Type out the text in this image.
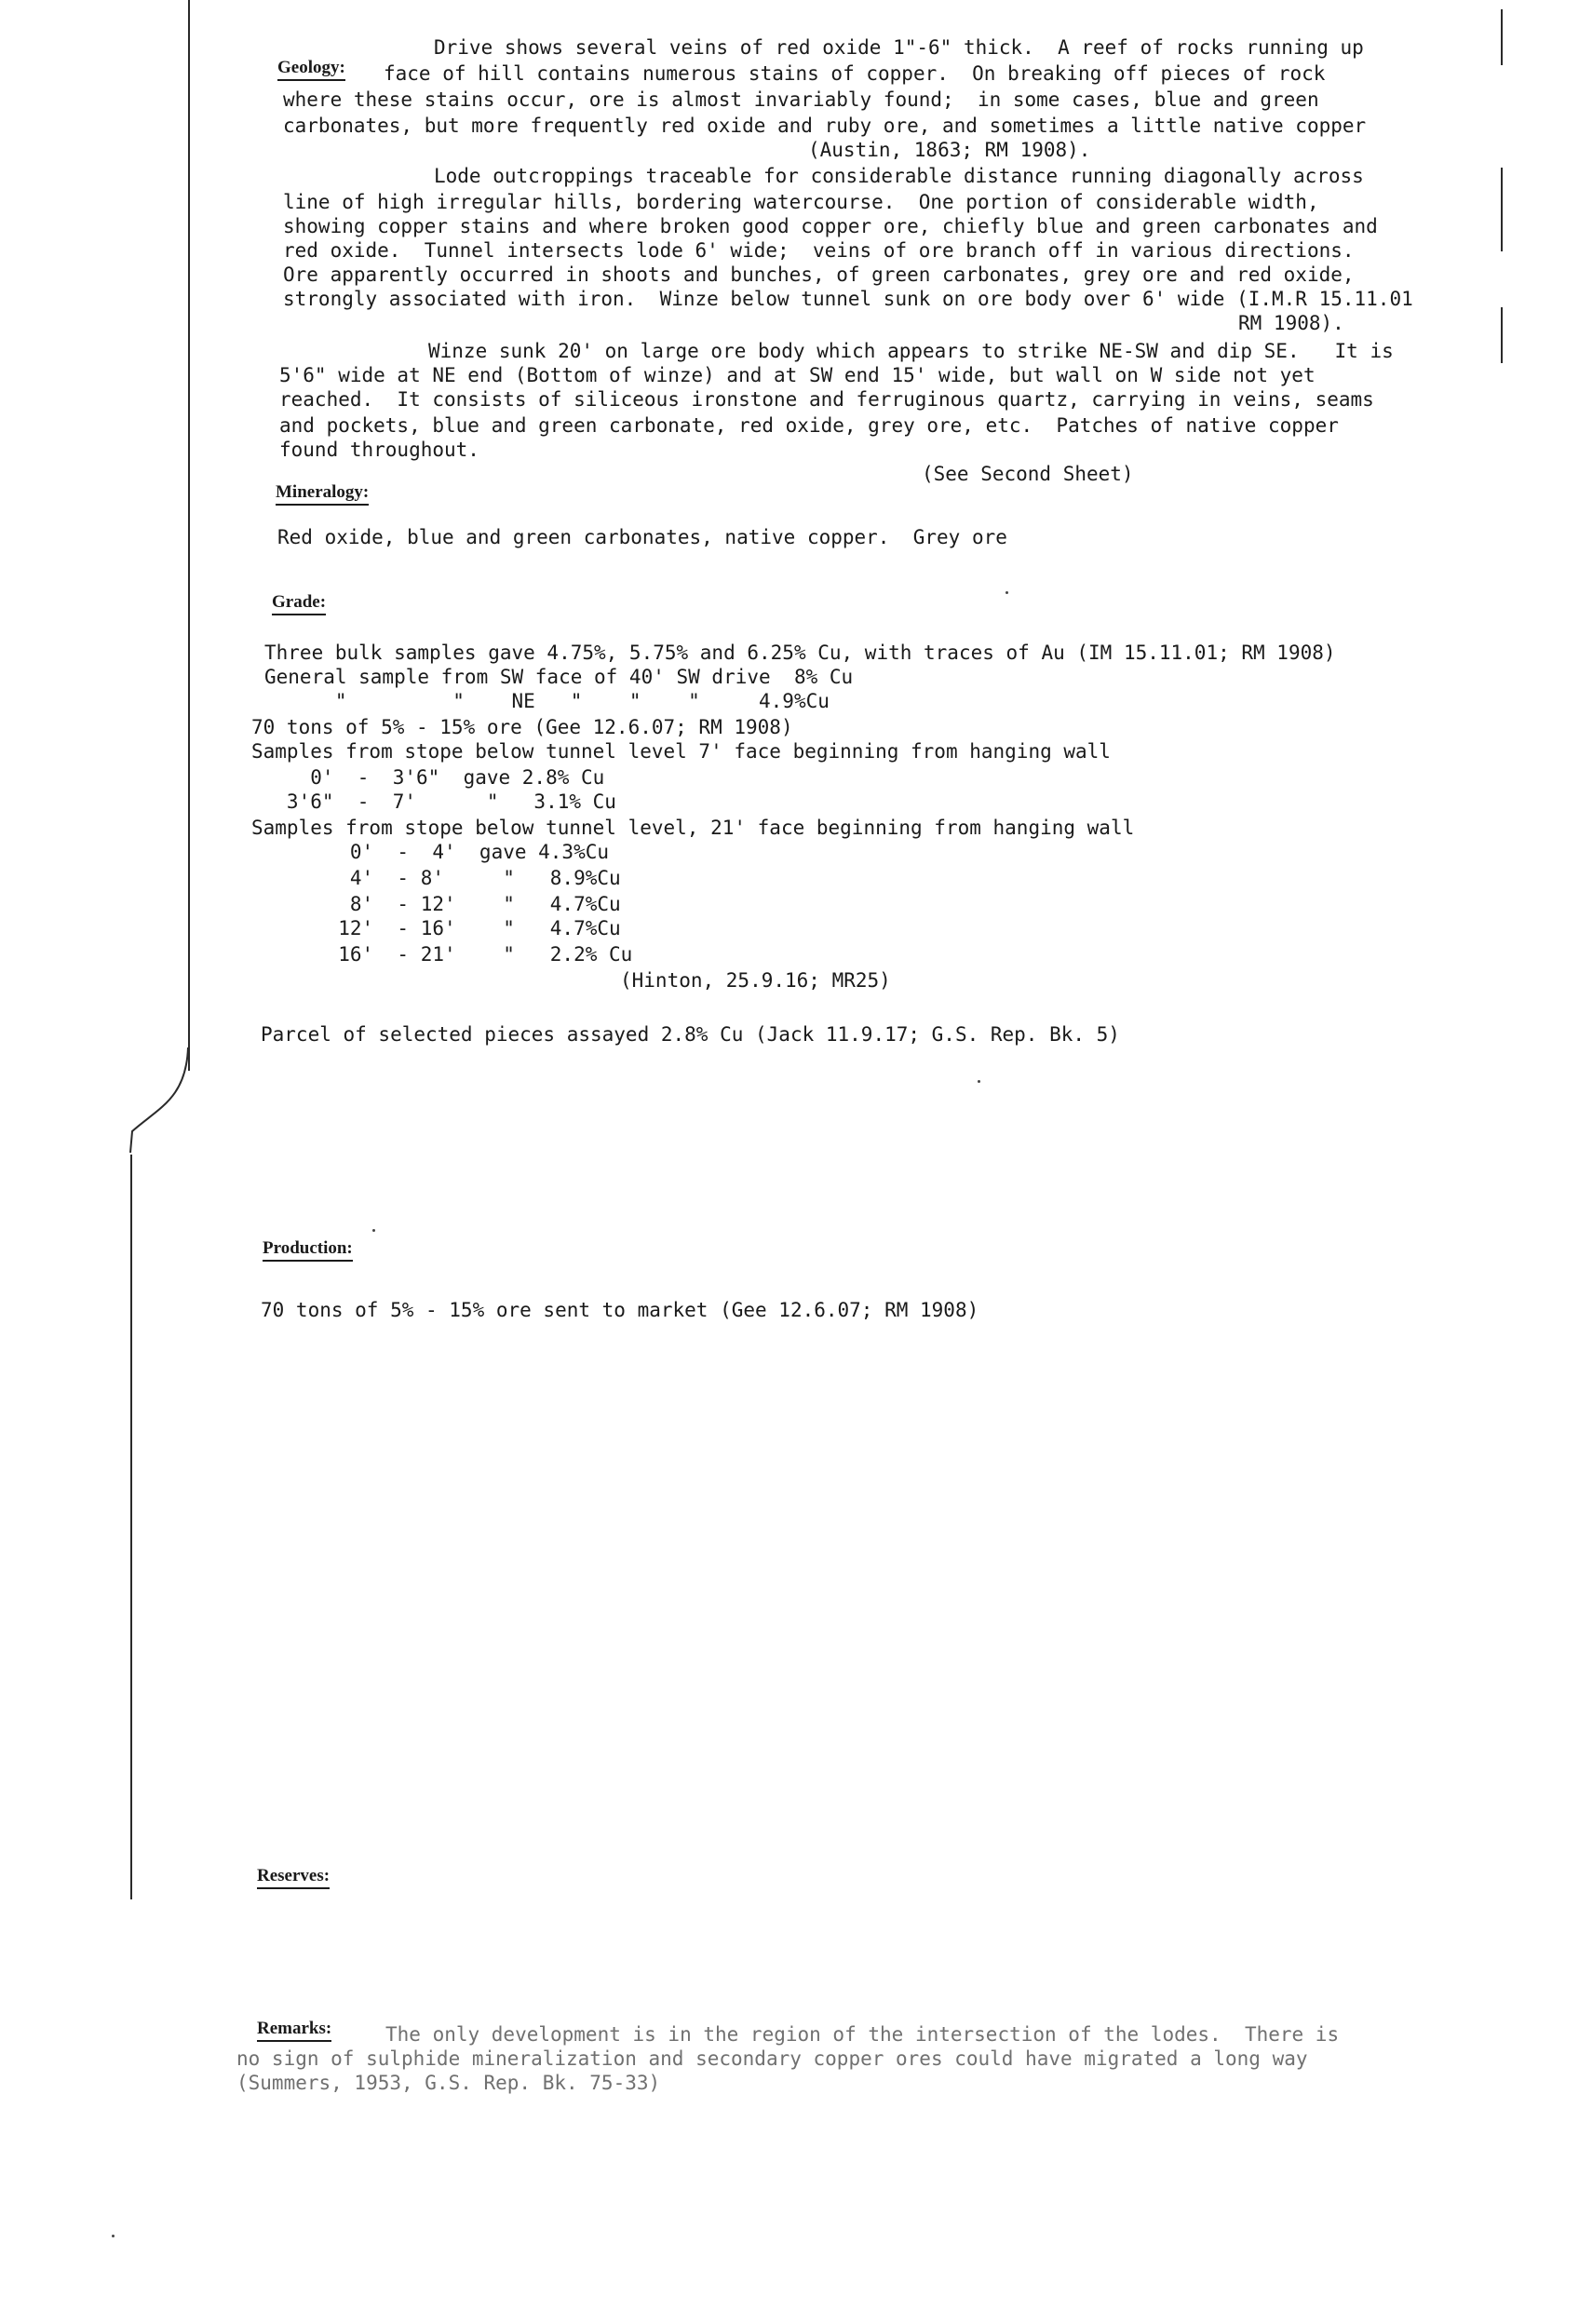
Geology:
Drive shows several veins of red oxide 1"-6" thick.  A reef of rocks running up
face of hill contains numerous stains of copper.  On breaking off pieces of rock
where these stains occur, ore is almost invariably found;  in some cases, blue and green
carbonates, but more frequently red oxide and ruby ore, and sometimes a little native copper
(Austin, 1863; RM 1908).
Lode outcroppings traceable for considerable distance running diagonally across
line of high irregular hills, bordering watercourse.  One portion of considerable width,
showing copper stains and where broken good copper ore, chiefly blue and green carbonates and
red oxide.  Tunnel intersects lode 6' wide;  veins of ore branch off in various directions.
Ore apparently occurred in shoots and bunches, of green carbonates, grey ore and red oxide,
strongly associated with iron.  Winze below tunnel sunk on ore body over 6' wide (I.M.R 15.11.01
RM 1908).
Winze sunk 20' on large ore body which appears to strike NE-SW and dip SE.   It is
5'6" wide at NE end (Bottom of winze) and at SW end 15' wide, but wall on W side not yet
reached.  It consists of siliceous ironstone and ferruginous quartz, carrying in veins, seams
and pockets, blue and green carbonate, red oxide, grey ore, etc.  Patches of native copper
found throughout.
(See Second Sheet)
Mineralogy:
Red oxide, blue and green carbonates, native copper.  Grey ore
Grade:
Three bulk samples gave 4.75%, 5.75% and 6.25% Cu, with traces of Au (IM 15.11.01; RM 1908)
General sample from SW face of 40' SW drive  8% Cu
"         "    NE   "    "    "     4.9%Cu
70 tons of 5% - 15% ore (Gee 12.6.07; RM 1908)
Samples from stope below tunnel level 7' face beginning from hanging wall
0'  -  3'6"  gave 2.8% Cu
3'6"  -  7'      "   3.1% Cu
Samples from stope below tunnel level, 21' face beginning from hanging wall
0'  -  4'  gave 4.3%Cu
4'  - 8'     "   8.9%Cu
8'  - 12'    "   4.7%Cu
12'  - 16'    "   4.7%Cu
16'  - 21'    "   2.2% Cu
(Hinton, 25.9.16; MR25)
Parcel of selected pieces assayed 2.8% Cu (Jack 11.9.17; G.S. Rep. Bk. 5)
Production:
70 tons of 5% - 15% ore sent to market (Gee 12.6.07; RM 1908)
Reserves:
Remarks:	The only development is in the region of the intersection of the lodes.  There is
no sign of sulphide mineralization and secondary copper ores could have migrated a long way
(Summers, 1953, G.S. Rep. Bk. 75-33)
